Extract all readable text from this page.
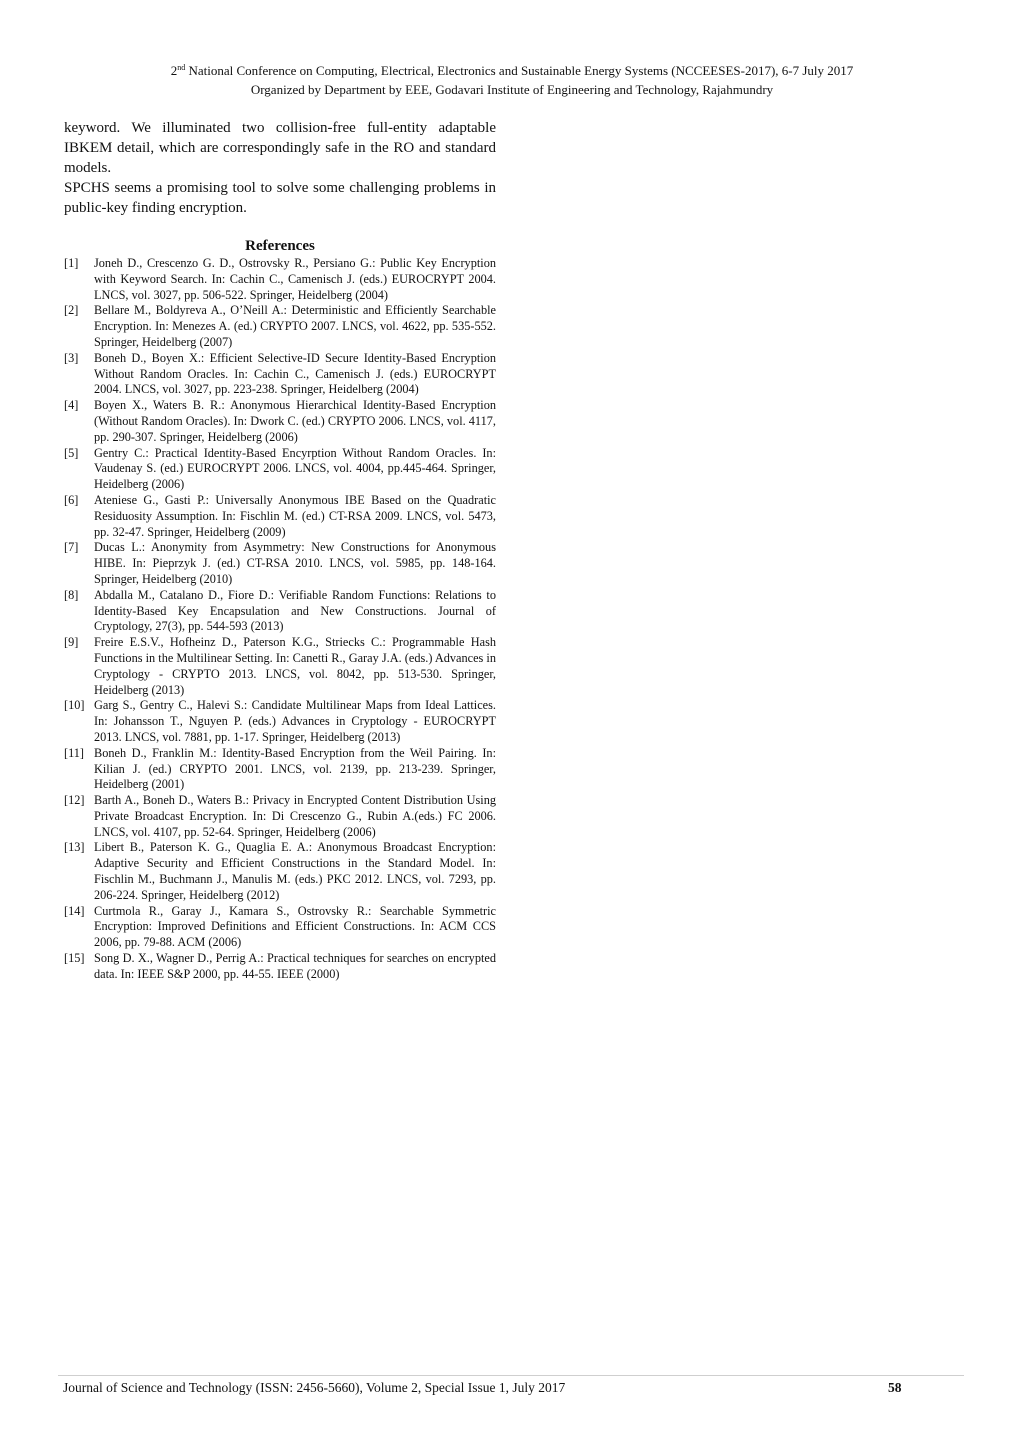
2nd National Conference on Computing, Electrical, Electronics and Sustainable Energy Systems (NCCEESES-2017), 6-7 July 2017
Organized by Department by EEE, Godavari Institute of Engineering and Technology, Rajahmundry

keyword. We illuminated two collision-free full-entity adaptable IBKEM detail, which are correspondingly safe in the RO and standard models.

SPCHS seems a promising tool to solve some challenging problems in public-key finding encryption.

References
[1]	Joneh D., Crescenzo G. D., Ostrovsky R., Persiano G.: Public Key Encryption with Keyword Search. In: Cachin C., Camenisch J. (eds.) EUROCRYPT 2004. LNCS, vol. 3027, pp. 506-522. Springer, Heidelberg (2004)
[2]	Bellare M., Boldyreva A., O’Neill A.: Deterministic and Efficiently Searchable Encryption. In: Menezes A. (ed.) CRYPTO 2007. LNCS, vol. 4622, pp. 535-552. Springer, Heidelberg (2007)
[3]	Boneh D., Boyen X.: Efficient Selective-ID Secure Identity-Based Encryption Without Random Oracles. In: Cachin C., Camenisch J. (eds.) EUROCRYPT 2004. LNCS, vol. 3027, pp. 223-238. Springer, Heidelberg (2004)
[4]	Boyen X., Waters B. R.: Anonymous Hierarchical Identity-Based Encryption (Without Random Oracles). In: Dwork C. (ed.) CRYPTO 2006. LNCS, vol. 4117, pp. 290-307. Springer, Heidelberg (2006)
[5]	Gentry C.: Practical Identity-Based Encyrption Without Random Oracles. In: Vaudenay S. (ed.) EUROCRYPT 2006. LNCS, vol. 4004, pp.445-464. Springer, Heidelberg (2006)
[6]	Ateniese G., Gasti P.: Universally Anonymous IBE Based on the Quadratic Residuosity Assumption. In: Fischlin M. (ed.) CT-RSA 2009. LNCS, vol. 5473, pp. 32-47. Springer, Heidelberg (2009)
[7]	Ducas L.: Anonymity from Asymmetry: New Constructions for Anonymous HIBE. In: Pieprzyk J. (ed.) CT-RSA 2010. LNCS, vol. 5985, pp. 148-164. Springer, Heidelberg (2010)
[8]	Abdalla M., Catalano D., Fiore D.: Verifiable Random Functions: Relations to Identity-Based Key Encapsulation and New Constructions. Journal of Cryptology, 27(3), pp. 544-593 (2013)
[9]	Freire E.S.V., Hofheinz D., Paterson K.G., Striecks C.: Programmable Hash Functions in the Multilinear Setting. In: Canetti R., Garay J.A. (eds.) Advances in Cryptology - CRYPTO 2013. LNCS, vol. 8042, pp. 513-530. Springer, Heidelberg (2013)
[10] Garg S., Gentry C., Halevi S.: Candidate Multilinear Maps from Ideal Lattices. In: Johansson T., Nguyen P. (eds.) Advances in Cryptology - EUROCRYPT 2013. LNCS, vol. 7881, pp. 1-17. Springer, Heidelberg (2013)
[11] Boneh D., Franklin M.: Identity-Based Encryption from the Weil Pairing. In: Kilian J. (ed.) CRYPTO 2001. LNCS, vol. 2139, pp. 213-239. Springer, Heidelberg (2001)
[12] Barth A., Boneh D., Waters B.: Privacy in Encrypted Content Distribution Using Private Broadcast Encryption. In: Di Crescenzo G., Rubin A.(eds.) FC 2006. LNCS, vol. 4107, pp. 52-64. Springer, Heidelberg (2006)
[13] Libert B., Paterson K. G., Quaglia E. A.: Anonymous Broadcast Encryption: Adaptive Security and Efficient Constructions in the Standard Model. In: Fischlin M., Buchmann J., Manulis M. (eds.) PKC 2012. LNCS, vol. 7293, pp. 206-224. Springer, Heidelberg (2012)
[14] Curtmola R., Garay J., Kamara S., Ostrovsky R.: Searchable Symmetric Encryption: Improved Definitions and Efficient Constructions. In: ACM CCS 2006, pp. 79-88. ACM (2006)
[15] Song D. X., Wagner D., Perrig A.: Practical techniques for searches on encrypted data. In: IEEE S&P 2000, pp. 44-55. IEEE (2000)
Journal of Science and Technology (ISSN: 2456-5660), Volume 2, Special Issue 1, July 2017	58
